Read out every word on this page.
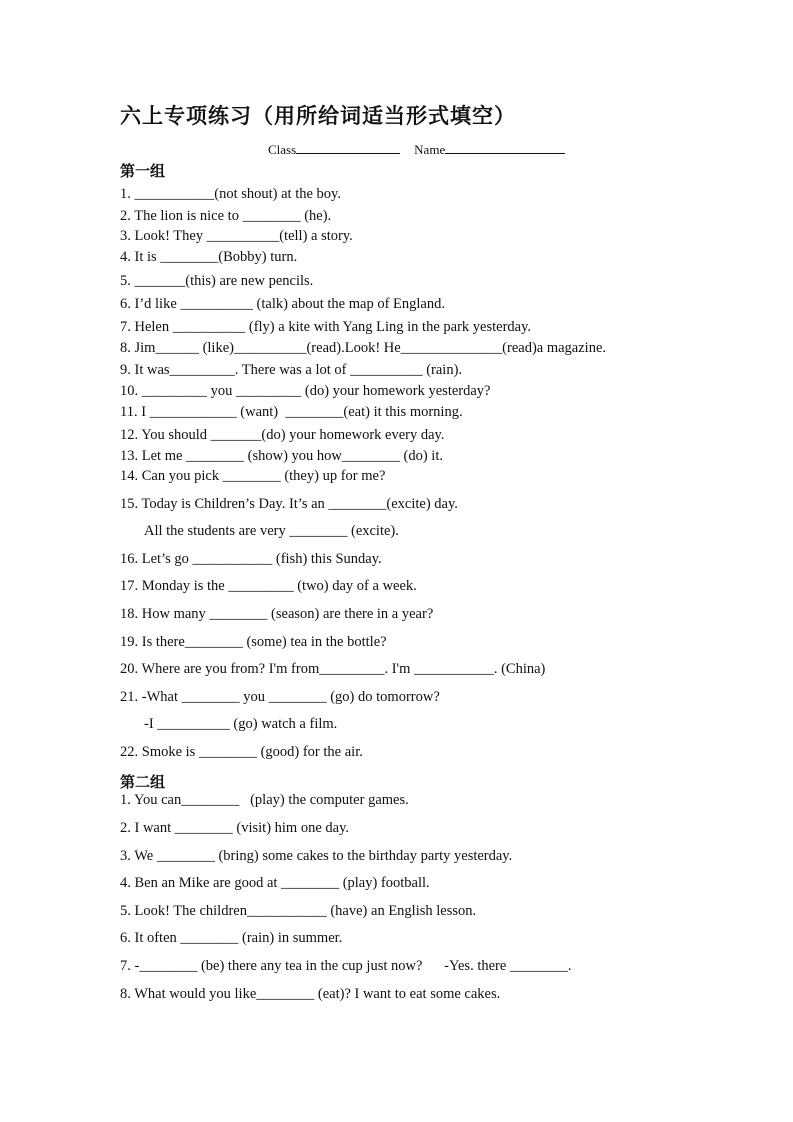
六上专项练习（用所给词适当形式填空）
Class	Name
第一组
1. ___________(not shout) at the boy.
2. The lion is nice to ________ (he).
3. Look! They __________(tell) a story.
4. It is ________(Bobby) turn.
5. _______(this) are new pencils.
6. I’d like __________ (talk) about the map of England.
7. Helen __________ (fly) a kite with Yang Ling in the park yesterday.
8. Jim______ (like)__________(read).Look! He______________(read)a magazine.
9. It was_________. There was a lot of __________ (rain).
10. _________ you _________ (do) your homework yesterday?
11. I ____________ (want)  ________(eat) it this morning.
12. You should _______(do) your homework every day.
13. Let me ________ (show) you how________ (do) it.
14. Can you pick ________ (they) up for me?
15. Today is Children’s Day. It’s an ________(excite) day.
All the students are very ________ (excite).
16. Let’s go ___________ (fish) this Sunday.
17. Monday is the _________ (two) day of a week.
18. How many ________ (season) are there in a year?
19. Is there________ (some) tea in the bottle?
20. Where are you from? I'm from_________. I'm ___________. (China)
21. -What ________ you ________ (go) do tomorrow?
-I __________ (go) watch a film.
22. Smoke is ________ (good) for the air.
第二组
1. You can________   (play) the computer games.
2. I want ________ (visit) him one day.
3. We ________ (bring) some cakes to the birthday party yesterday.
4. Ben an Mike are good at ________ (play) football.
5. Look! The children___________ (have) an English lesson.
6. It often ________ (rain) in summer.
7. -________ (be) there any tea in the cup just now?      -Yes. there ________.
8. What would you like________ (eat)? I want to eat some cakes.
